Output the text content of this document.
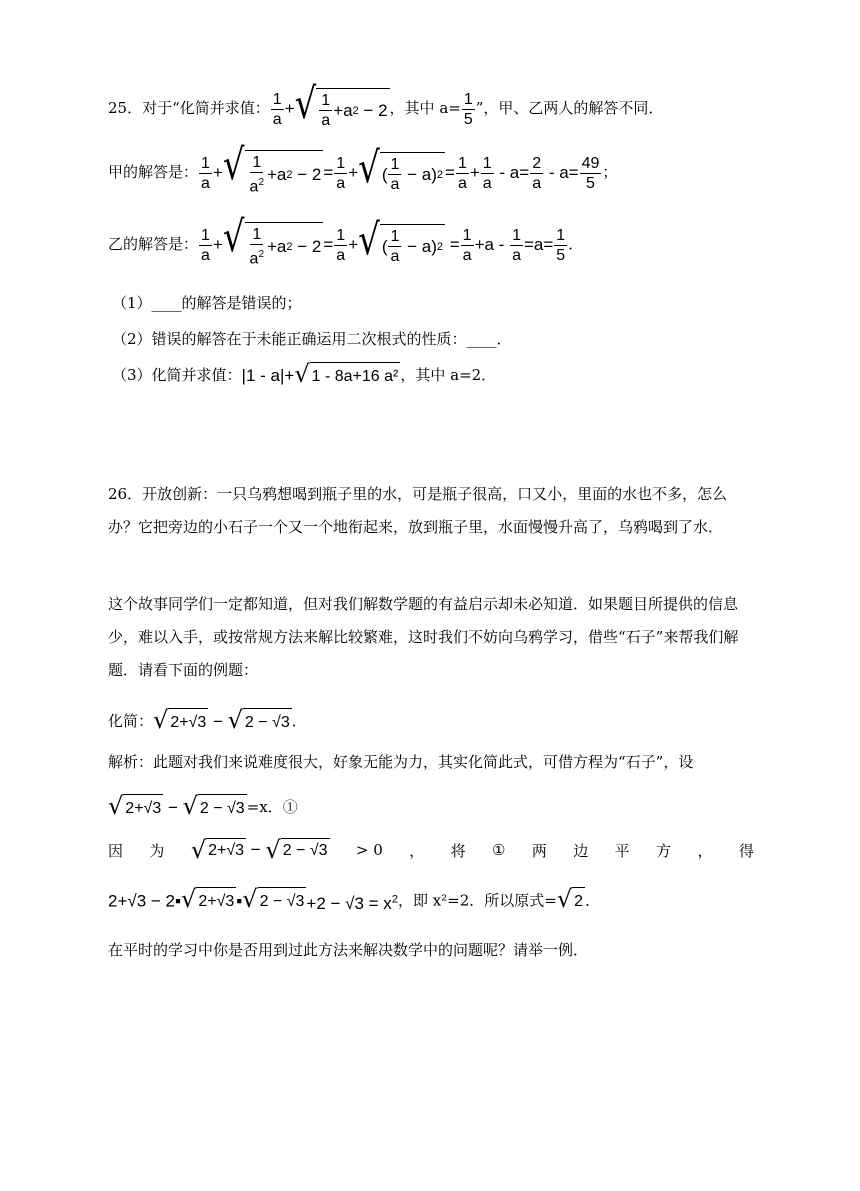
25．对于“化简并求值： $\frac{1}{a}$ + √ $\frac{1}{a} +a$ 2 − 2 ，其中 $a= \frac{1}{5}$ ”，甲、乙两人的解答不同．
甲的解答是： $\frac{1}{a}$ + √ $\frac{1}{a^2} +a$ $2 - 2 = \frac{1}{a}$ + √ ( $\frac{1}{a} - a$) $2 = \frac{1}{a} + \frac{1}{a} - a= \frac{2}{a} - a= \frac{49}{5}$ ；
乙的解答是： $\frac{1}{a}$ + √ $\frac{1}{a^2} +a$ $2 - 2 = \frac{1}{a}$ + √ ( $\frac{1}{a} - a$) $2 = \frac{1}{a} +a - \frac{1}{a} =a= \frac{1}{5}$ ．
（1）____的解答是错误的；
（2）错误的解答在于未能正确运用二次根式的性质：____．
（3）化简并求值：|1 - a|+ √ 1 - 8a+16 a² ，其中 a=2．
26．开放创新：一只乌鸦想喝到瓶子里的水，可是瓶子很高，口又小，里面的水也不多，怎么办？它把旁边的小石子一个又一个地衔起来，放到瓶子里，水面慢慢升高了，乌鸦喝到了水．
这个故事同学们一定都知道，但对我们解数学题的有益启示却未必知道．如果题目所提供的信息少，难以入手，或按常规方法来解比较繁难，这时我们不妨向乌鸦学习，借些“石子”来帮我们解题．请看下面的例题：
化简： √ 2+√3 − √ 2 − √3 ．
解析：此题对我们来说难度很大，好象无能为力，其实化简此式，可借方程为“石子”，设
√ 2+√3 − √ 2 − √3 =x．①
因 为 √ 2+√3 − √ 2 − √3 > 0 ， 将 ① 两 边 平 方 ， 得
2+√3 − 2▪ √ 2+√3 ▪ √ $2 - √3 +2 - √3 = x^2$，即 x²=2．所以原式= √ 2 ．
在平时的学习中你是否用到过此方法来解决数学中的问题呢？请举一例．
